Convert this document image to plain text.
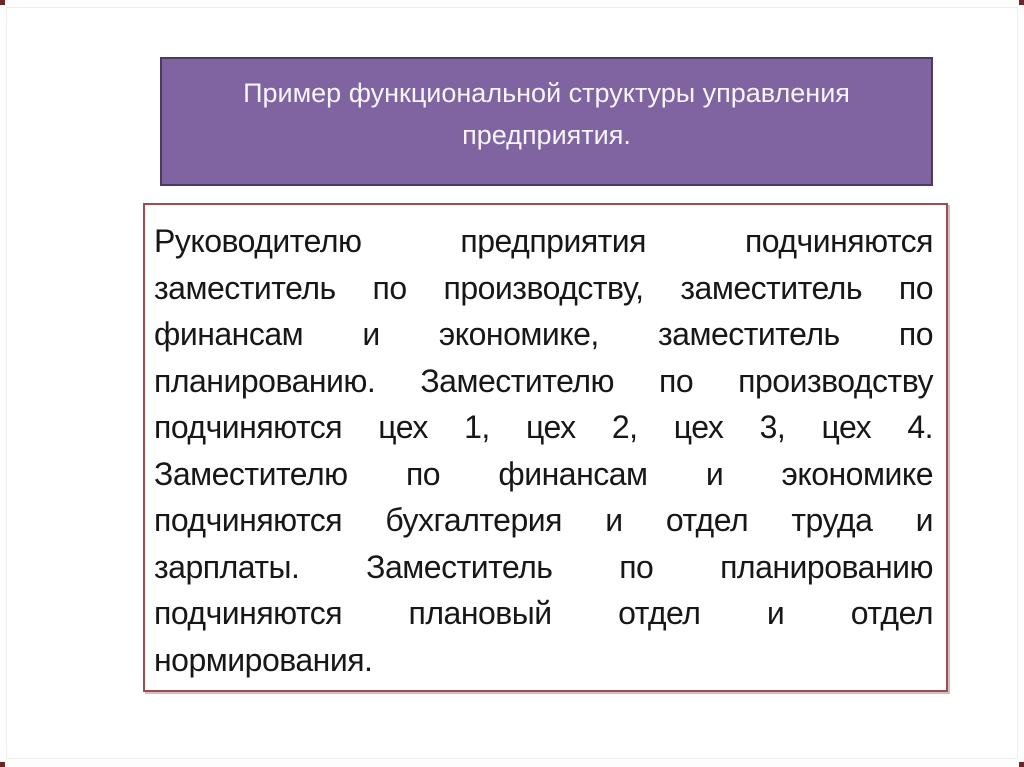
Пример функциональной структуры управления
предприятия.
Руководителю предприятия подчиняются
заместитель по производству, заместитель по
финансам и экономике, заместитель по
планированию. Заместителю по производству
подчиняются цех 1, цех 2, цех 3, цех 4.
Заместителю по финансам и экономике
подчиняются бухгалтерия и отдел труда и
зарплаты. Заместитель по планированию
подчиняются плановый отдел и отдел
нормирования.
